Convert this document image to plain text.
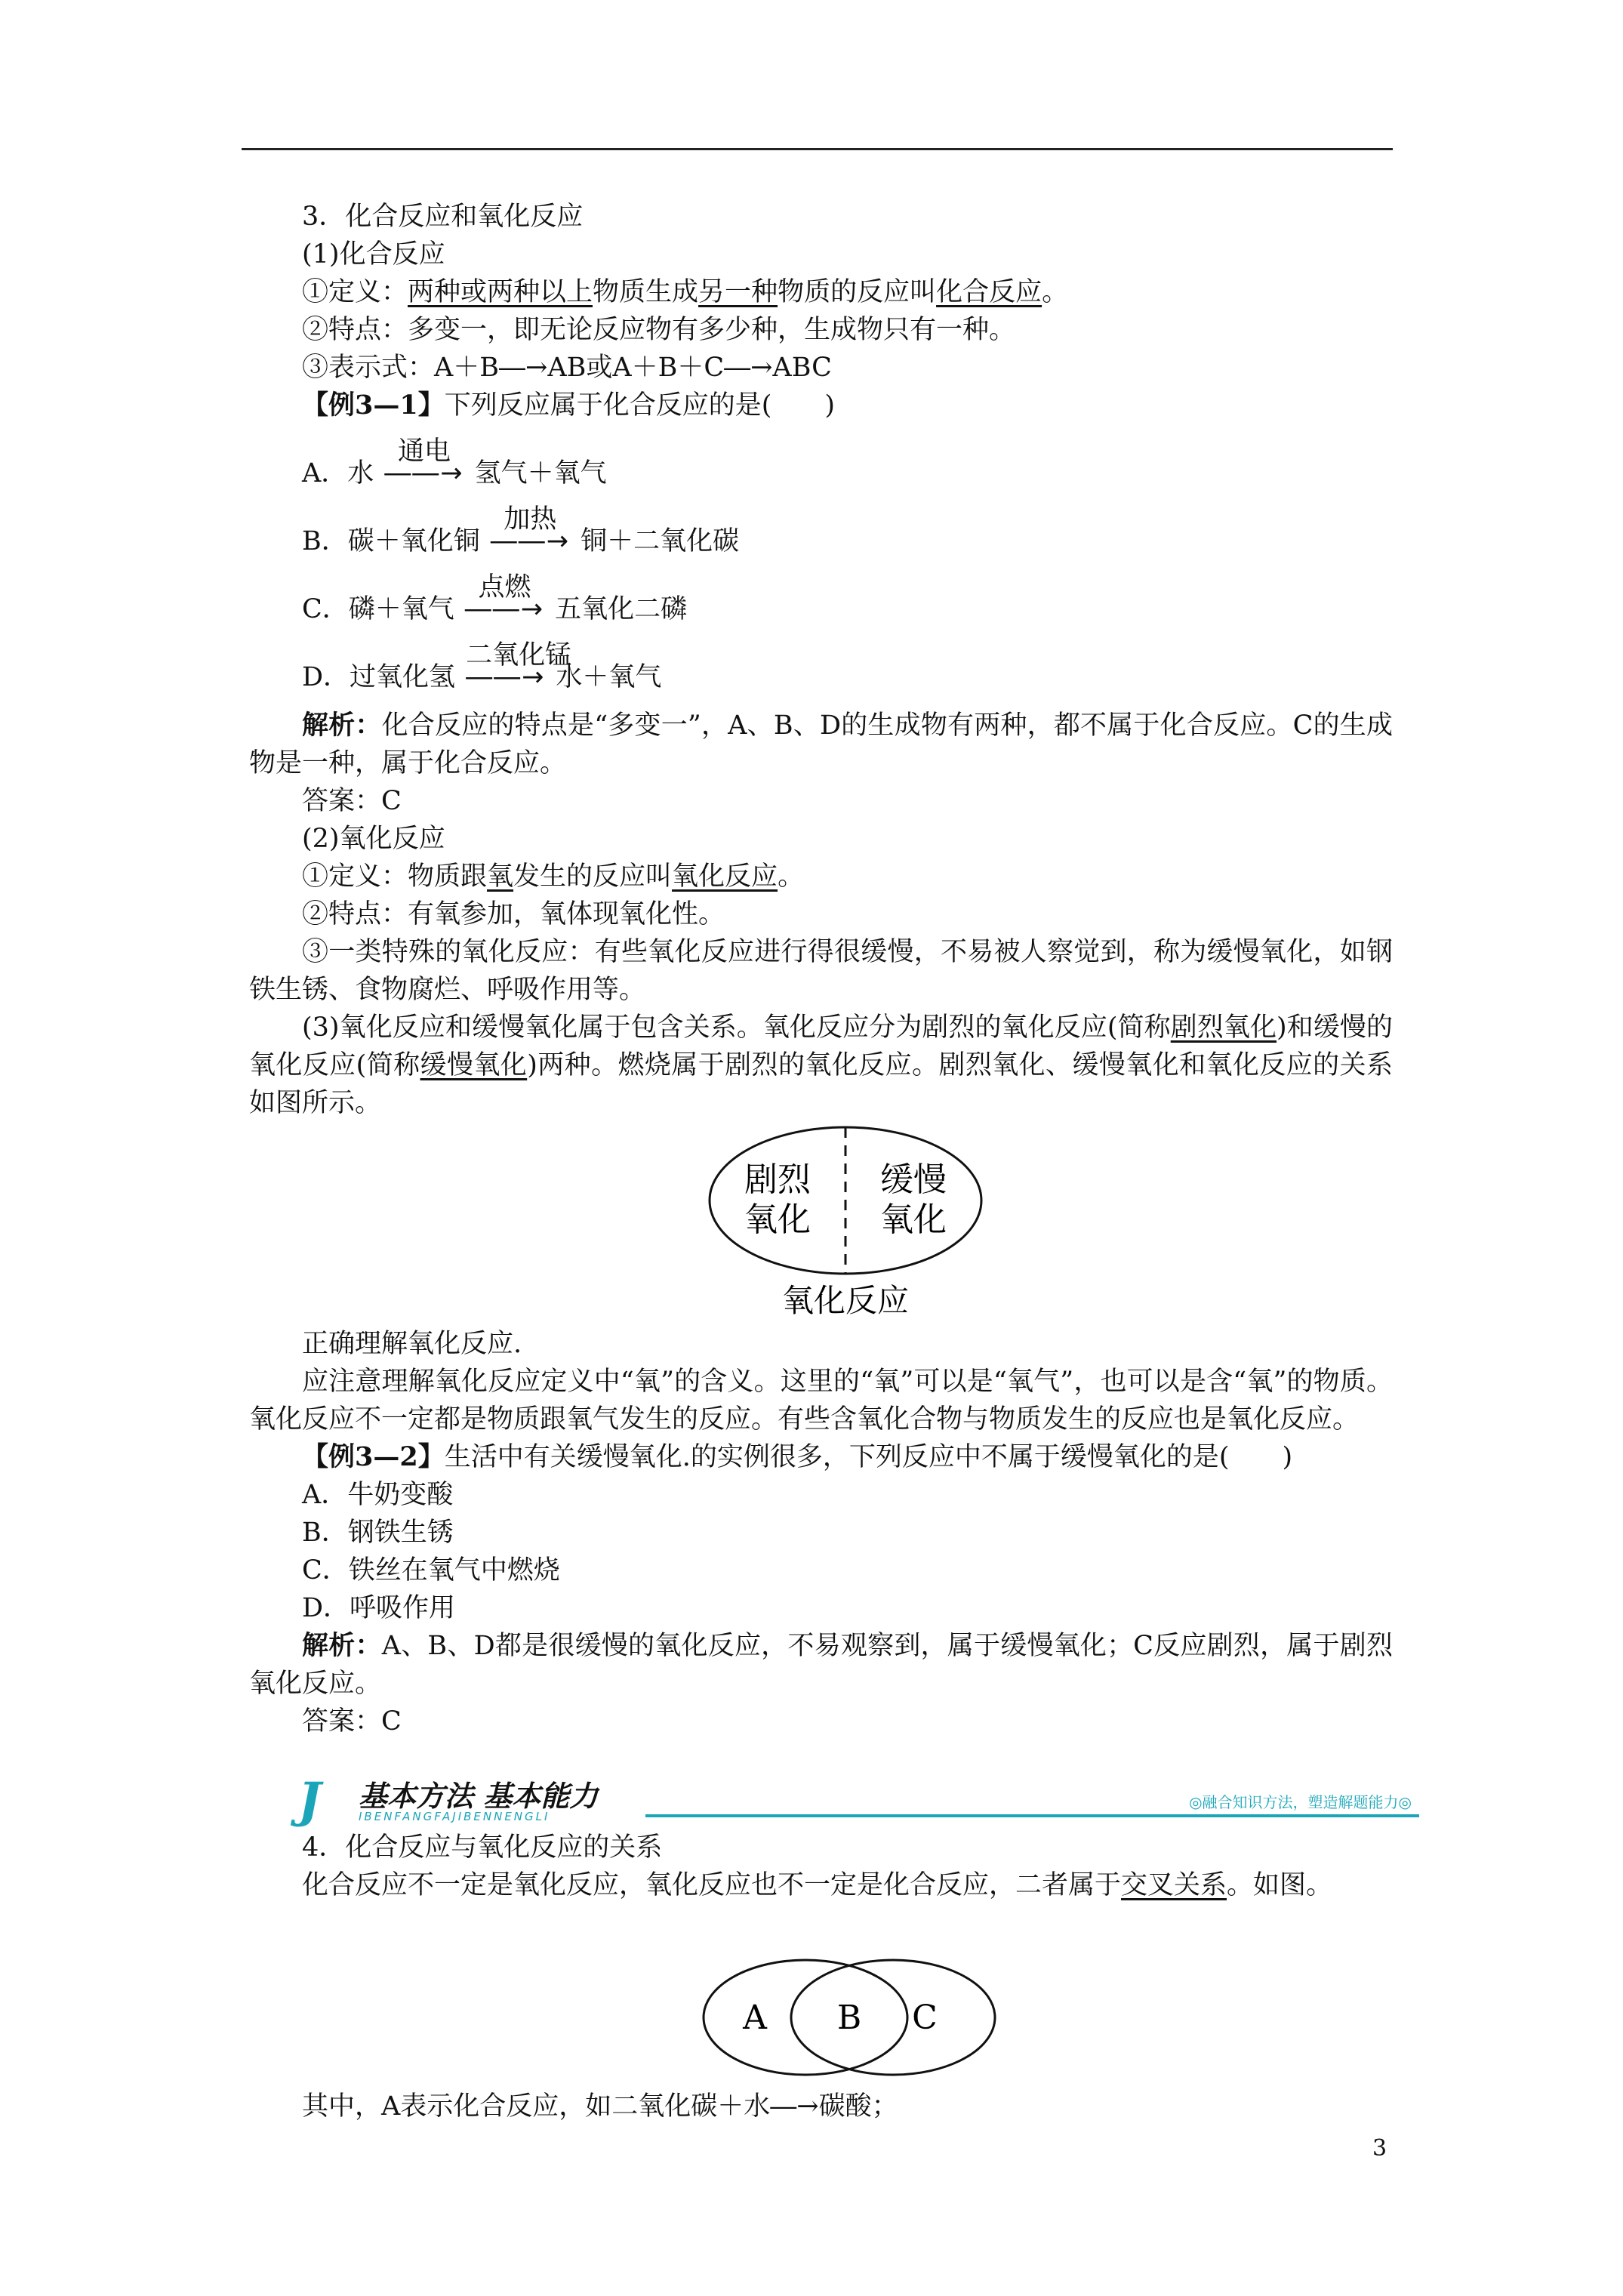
3．化合反应和氧化反应
(1)化合反应
①定义：两种或两种以上物质生成另一种物质的反应叫化合反应。
②特点：多变一，即无论反应物有多少种，生成物只有一种。
③表示式：A＋B―→AB或A＋B＋C―→ABC
【例3—1】下列反应属于化合反应的是(　　)
A．水
通电
――→ 氢气＋氧气
B．碳＋氧化铜
加热
――→ 铜＋二氧化碳
C．磷＋氧气
点燃
――→ 五氧化二磷
D．过氧化氢
二氧化锰
――→ 水＋氧气
解析：化合反应的特点是“多变一”，A、B、D的生成物有两种，都不属于化合反应。C的生成物是一种，属于化合反应。
答案：C
(2)氧化反应
①定义：物质跟氧发生的反应叫氧化反应。
②特点：有氧参加，氧体现氧化性。
③一类特殊的氧化反应：有些氧化反应进行得很缓慢，不易被人察觉到，称为缓慢氧化，如钢铁生锈、食物腐烂、呼吸作用等。
(3)氧化反应和缓慢氧化属于包含关系。氧化反应分为剧烈的氧化反应(简称剧烈氧化)和缓慢的氧化反应(简称缓慢氧化)两种。燃烧属于剧烈的氧化反应。剧烈氧化、缓慢氧化和氧化反应的关系如图所示。
剧烈
氧化
缓慢
氧化
氧化反应
正确理解氧化反应.
应注意理解氧化反应定义中“氧”的含义。这里的“氧”可以是“氧气”，也可以是含“氧”的物质。氧化反应不一定都是物质跟氧气发生的反应。有些含氧化合物与物质发生的反应也是氧化反应。
【例3—2】生活中有关缓慢氧化.的实例很多，下列反应中不属于缓慢氧化的是(　　)
A．牛奶变酸
B．钢铁生锈
C．铁丝在氧气中燃烧
D．呼吸作用
解析：A、B、D都是很缓慢的氧化反应，不易观察到，属于缓慢氧化；C反应剧烈，属于剧烈氧化反应。
答案：C
J 基本方法 基本能力
IBENFANGFAJIBENNENGLI
◎融合知识方法，塑造解题能力◎
4．化合反应与氧化反应的关系
化合反应不一定是氧化反应，氧化反应也不一定是化合反应，二者属于交叉关系。如图。
A B C
其中，A表示化合反应，如二氧化碳＋水―→碳酸；
3
